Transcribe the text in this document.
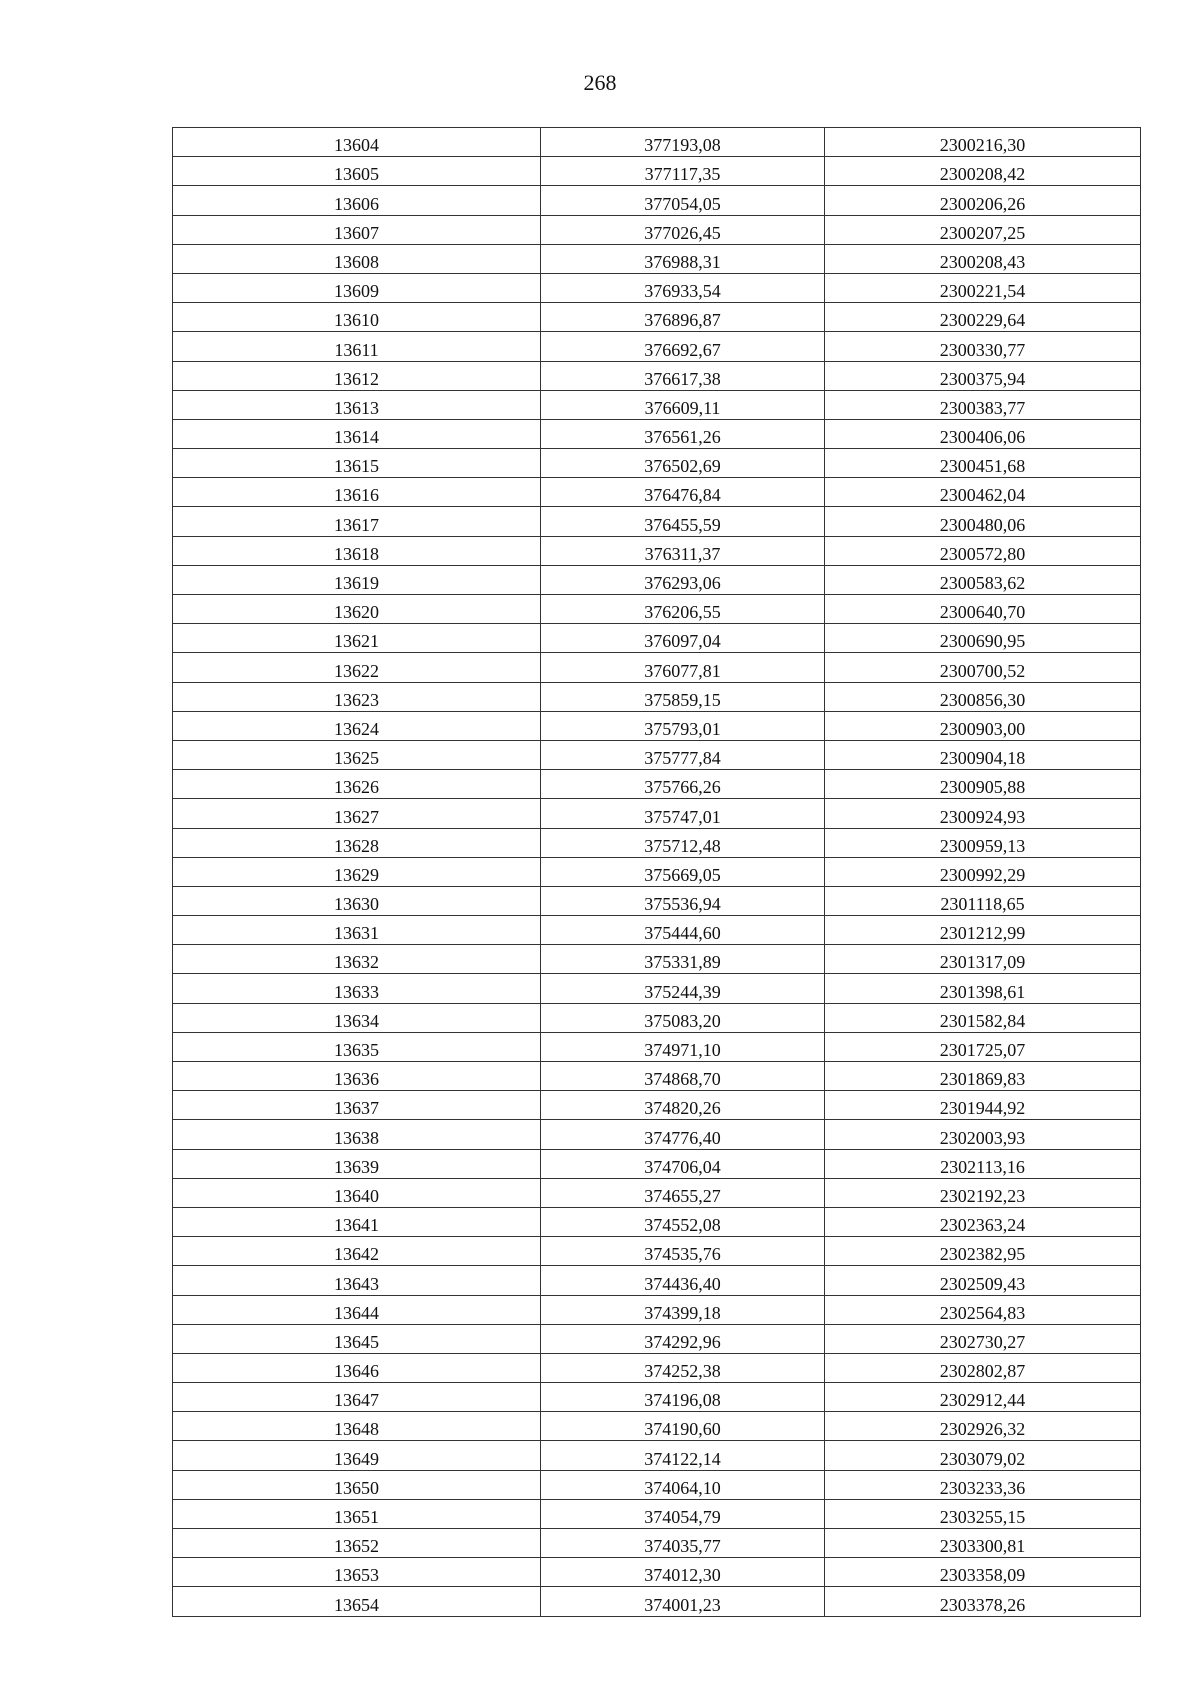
268
13604	377193,08	2300216,30
13605	377117,35	2300208,42
13606	377054,05	2300206,26
13607	377026,45	2300207,25
13608	376988,31	2300208,43
13609	376933,54	2300221,54
13610	376896,87	2300229,64
13611	376692,67	2300330,77
13612	376617,38	2300375,94
13613	376609,11	2300383,77
13614	376561,26	2300406,06
13615	376502,69	2300451,68
13616	376476,84	2300462,04
13617	376455,59	2300480,06
13618	376311,37	2300572,80
13619	376293,06	2300583,62
13620	376206,55	2300640,70
13621	376097,04	2300690,95
13622	376077,81	2300700,52
13623	375859,15	2300856,30
13624	375793,01	2300903,00
13625	375777,84	2300904,18
13626	375766,26	2300905,88
13627	375747,01	2300924,93
13628	375712,48	2300959,13
13629	375669,05	2300992,29
13630	375536,94	2301118,65
13631	375444,60	2301212,99
13632	375331,89	2301317,09
13633	375244,39	2301398,61
13634	375083,20	2301582,84
13635	374971,10	2301725,07
13636	374868,70	2301869,83
13637	374820,26	2301944,92
13638	374776,40	2302003,93
13639	374706,04	2302113,16
13640	374655,27	2302192,23
13641	374552,08	2302363,24
13642	374535,76	2302382,95
13643	374436,40	2302509,43
13644	374399,18	2302564,83
13645	374292,96	2302730,27
13646	374252,38	2302802,87
13647	374196,08	2302912,44
13648	374190,60	2302926,32
13649	374122,14	2303079,02
13650	374064,10	2303233,36
13651	374054,79	2303255,15
13652	374035,77	2303300,81
13653	374012,30	2303358,09
13654	374001,23	2303378,26
